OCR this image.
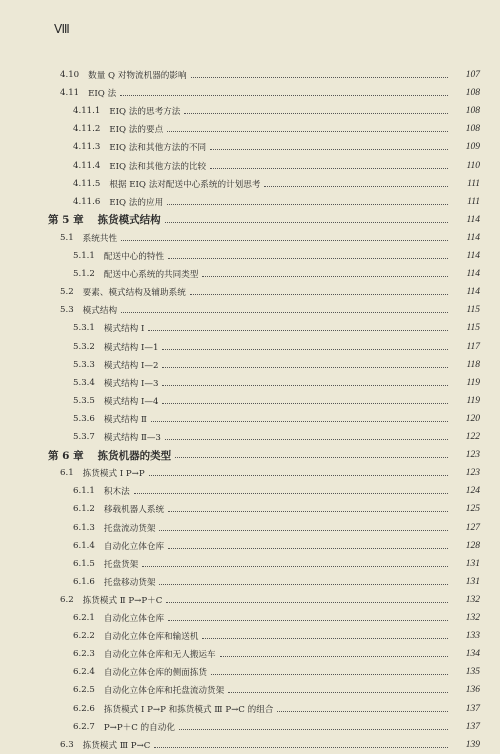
Ⅷ
4.10 数量 Q 对物流机器的影响	107
4.11 EIQ 法	108
4.11.1 EIQ 法的思考方法	108
4.11.2 EIQ 法的要点	108
4.11.3 EIQ 法和其他方法的不同	109
4.11.4 EIQ 法和其他方法的比较	110
4.11.5 根据 EIQ 法对配送中心系统的计划思考	111
4.11.6 EIQ 法的应用	111
第 5 章 拣货模式结构	114
5.1 系统共性	114
5.1.1 配送中心的特性	114
5.1.2 配送中心系统的共同类型	114
5.2 要素、模式结构及辅助系统	114
5.3 模式结构	115
5.3.1 模式结构 Ⅰ	115
5.3.2 模式结构 Ⅰ—1	117
5.3.3 模式结构 Ⅰ—2	118
5.3.4 模式结构 Ⅰ—3	119
5.3.5 模式结构 Ⅰ—4	119
5.3.6 模式结构 Ⅱ	120
5.3.7 模式结构 Ⅱ—3	122
第 6 章 拣货机器的类型	123
6.1 拣货模式 Ⅰ P→P	123
6.1.1 积木法	124
6.1.2 移载机器人系统	125
6.1.3 托盘流动货架	127
6.1.4 自动化立体仓库	128
6.1.5 托盘货架	131
6.1.6 托盘移动货架	131
6.2 拣货模式 Ⅱ P→P＋C	132
6.2.1 自动化立体仓库	132
6.2.2 自动化立体仓库和输送机	133
6.2.3 自动化立体仓库和无人搬运车	134
6.2.4 自动化立体仓库的侧面拣货	135
6.2.5 自动化立体仓库和托盘流动货架	136
6.2.6 拣货模式 Ⅰ P→P 和拣货模式 Ⅲ P→C 的组合	137
6.2.7 P→P＋C 的自动化	137
6.3 拣货模式 Ⅲ P→C	139
